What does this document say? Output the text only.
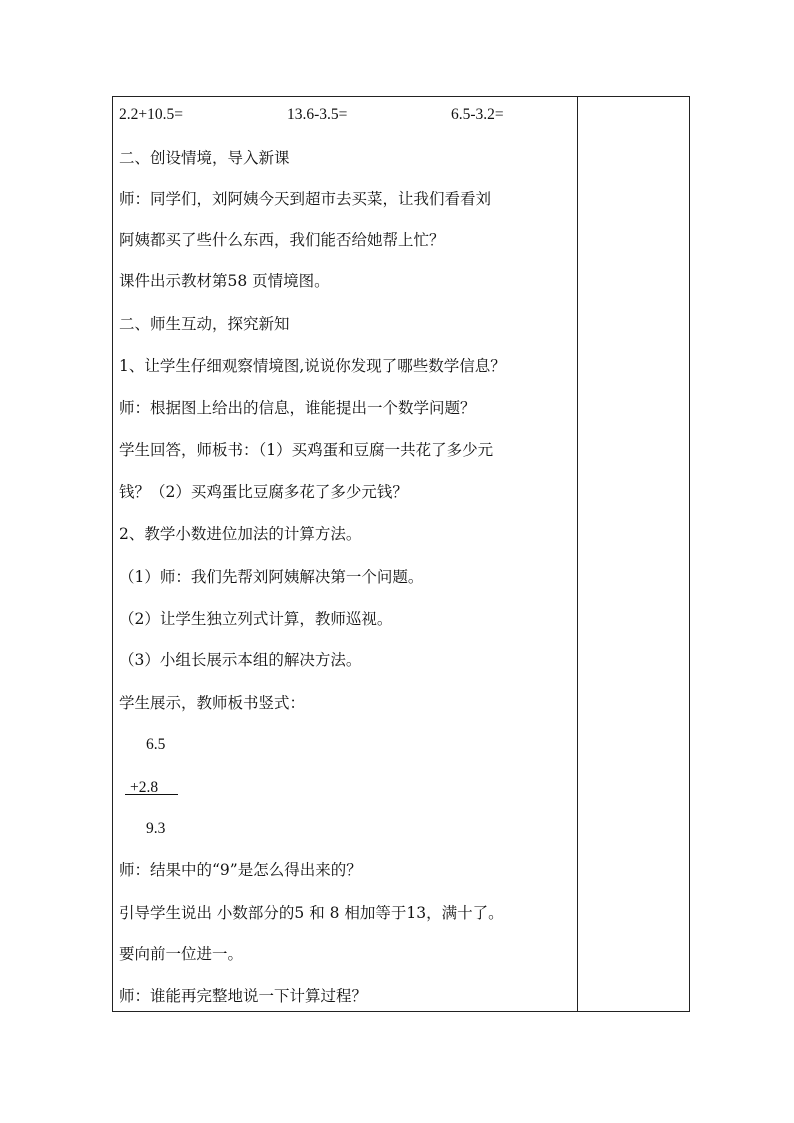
2.2+10.5=	13.6-3.5=	6.5-3.2=
二、创设情境，导入新课
师：同学们，刘阿姨今天到超市去买菜，让我们看看刘
阿姨都买了些什么东西，我们能否给她帮上忙？
课件出示教材第58 页情境图。
二、师生互动，探究新知
1、让学生仔细观察情境图,说说你发现了哪些数学信息？
师：根据图上给出的信息，谁能提出一个数学问题？
学生回答，师板书：（1）买鸡蛋和豆腐一共花了多少元
钱？（2）买鸡蛋比豆腐多花了多少元钱？
2、教学小数进位加法的计算方法。
（1）师：我们先帮刘阿姨解决第一个问题。
（2）让学生独立列式计算，教师巡视。
（3）小组长展示本组的解决方法。
学生展示，教师板书竖式：
6.5
+2.8
9.3
师：结果中的“9”是怎么得出来的？
引导学生说出 小数部分的5 和 8 相加等于13，满十了。
要向前一位进一。
师：谁能再完整地说一下计算过程？
